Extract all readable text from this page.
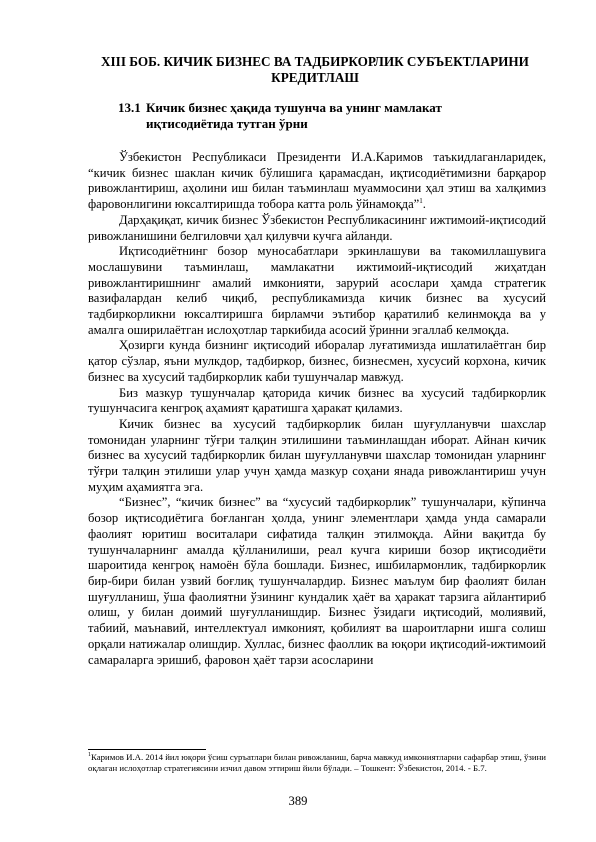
XIII БОБ. КИЧИК БИЗНЕС ВА ТАДБИРКОРЛИК СУБЪЕКТЛАРИНИ КРЕДИТЛАШ
13.1 Кичик бизнес ҳақида тушунча ва унинг мамлакат иқтисодиётида тутган ўрни

Ўзбекистон Республикаси Президенти И.А.Каримов таъкидлаганларидек, “кичик бизнес шаклан кичик бўлишига қарамасдан, иқтисодиётимизни барқарор ривожлантириш, аҳолини иш билан таъминлаш муаммосини ҳал этиш ва халқимиз фаровонлигини юксалтиришда тобора катта роль ўйнамоқда”$^1$.

Дарҳақиқат, кичик бизнес Ўзбекистон Республикасининг ижтимоий-иқтисодий ривожланишини белгиловчи ҳал қилувчи кучга айланди.

Иқтисодиётнинг бозор муносабатлари эркинлашуви ва такомиллашувига мослашувини таъминлаш, мамлакатни ижтимоий-иқтисодий жиҳатдан ривожлантиришнинг амалий имконияти, зарурий асослари ҳамда стратегик вазифалардан келиб чиқиб, республикамизда кичик бизнес ва хусусий тадбиркорликни юксалтиришга бирламчи эътибор қаратилиб келинмоқда ва у амалга оширилаётган ислоҳотлар таркибида асосий ўринни эгаллаб келмоқда.

Ҳозирги кунда бизнинг иқтисодий иборалар луғатимизда ишлатилаётган бир қатор сўзлар, яъни мулкдор, тадбиркор, бизнес, бизнесмен, хусусий корхона, кичик бизнес ва хусусий тадбиркорлик каби тушунчалар мавжуд.

Биз мазкур тушунчалар қаторида кичик бизнес ва хусусий тадбиркорлик тушунчасига кенгроқ аҳамият қаратишга ҳаракат қиламиз.

Кичик бизнес ва хусусий тадбиркорлик билан шуғулланувчи шахслар томонидан уларнинг тўғри талқин этилишини таъминлашдан иборат. Айнан кичик бизнес ва хусусий тадбиркорлик билан шуғулланувчи шахслар томонидан уларнинг тўғри талқин этилиши улар учун ҳамда мазкур соҳани янада ривожлантириш учун муҳим аҳамиятга эга.

“Бизнес”, “кичик бизнес” ва “хусусий тадбиркорлик” тушунчалари, кўпинча бозор иқтисодиётига боғланган ҳолда, унинг элементлари ҳамда унда самарали фаолият юритиш воситалари сифатида талқин этилмоқда. Айни вақитда бу тушунчаларнинг амалда қўлланилиши, реал кучга кириши бозор иқтисодиёти шароитида кенгроқ намоён бўла бошлади. Бизнес, ишбилармонлик, тадбиркорлик бир-бири билан узвий боғлиқ тушунчалардир. Бизнес маълум бир фаолият билан шуғулланиш, ўша фаолиятни ўзининг кундалик ҳаёт ва ҳаракат тарзига айлантириб олиш, у билан доимий шуғулланишдир. Бизнес ўзидаги иқтисодий, молиявий, табиий, маънавий, интеллектуал имконият, қобилият ва шароитларни ишга солиш орқали натижалар олишдир. Хуллас, бизнес фаоллик ва юқори иқтисодий-ижтимоий самараларга эришиб, фаровон ҳаёт тарзи асосларини

$^1$Каримов И.А. 2014 йил юқори ўсиш суръатлари билан ривожланиш, барча мавжуд имкониятларни сафарбар этиш, ўзини оқлаган ислоҳотлар стратегиясини изчил давом эттириш йили бўлади. – Тошкент: Ўзбекистон, 2014. - Б.7.
389
